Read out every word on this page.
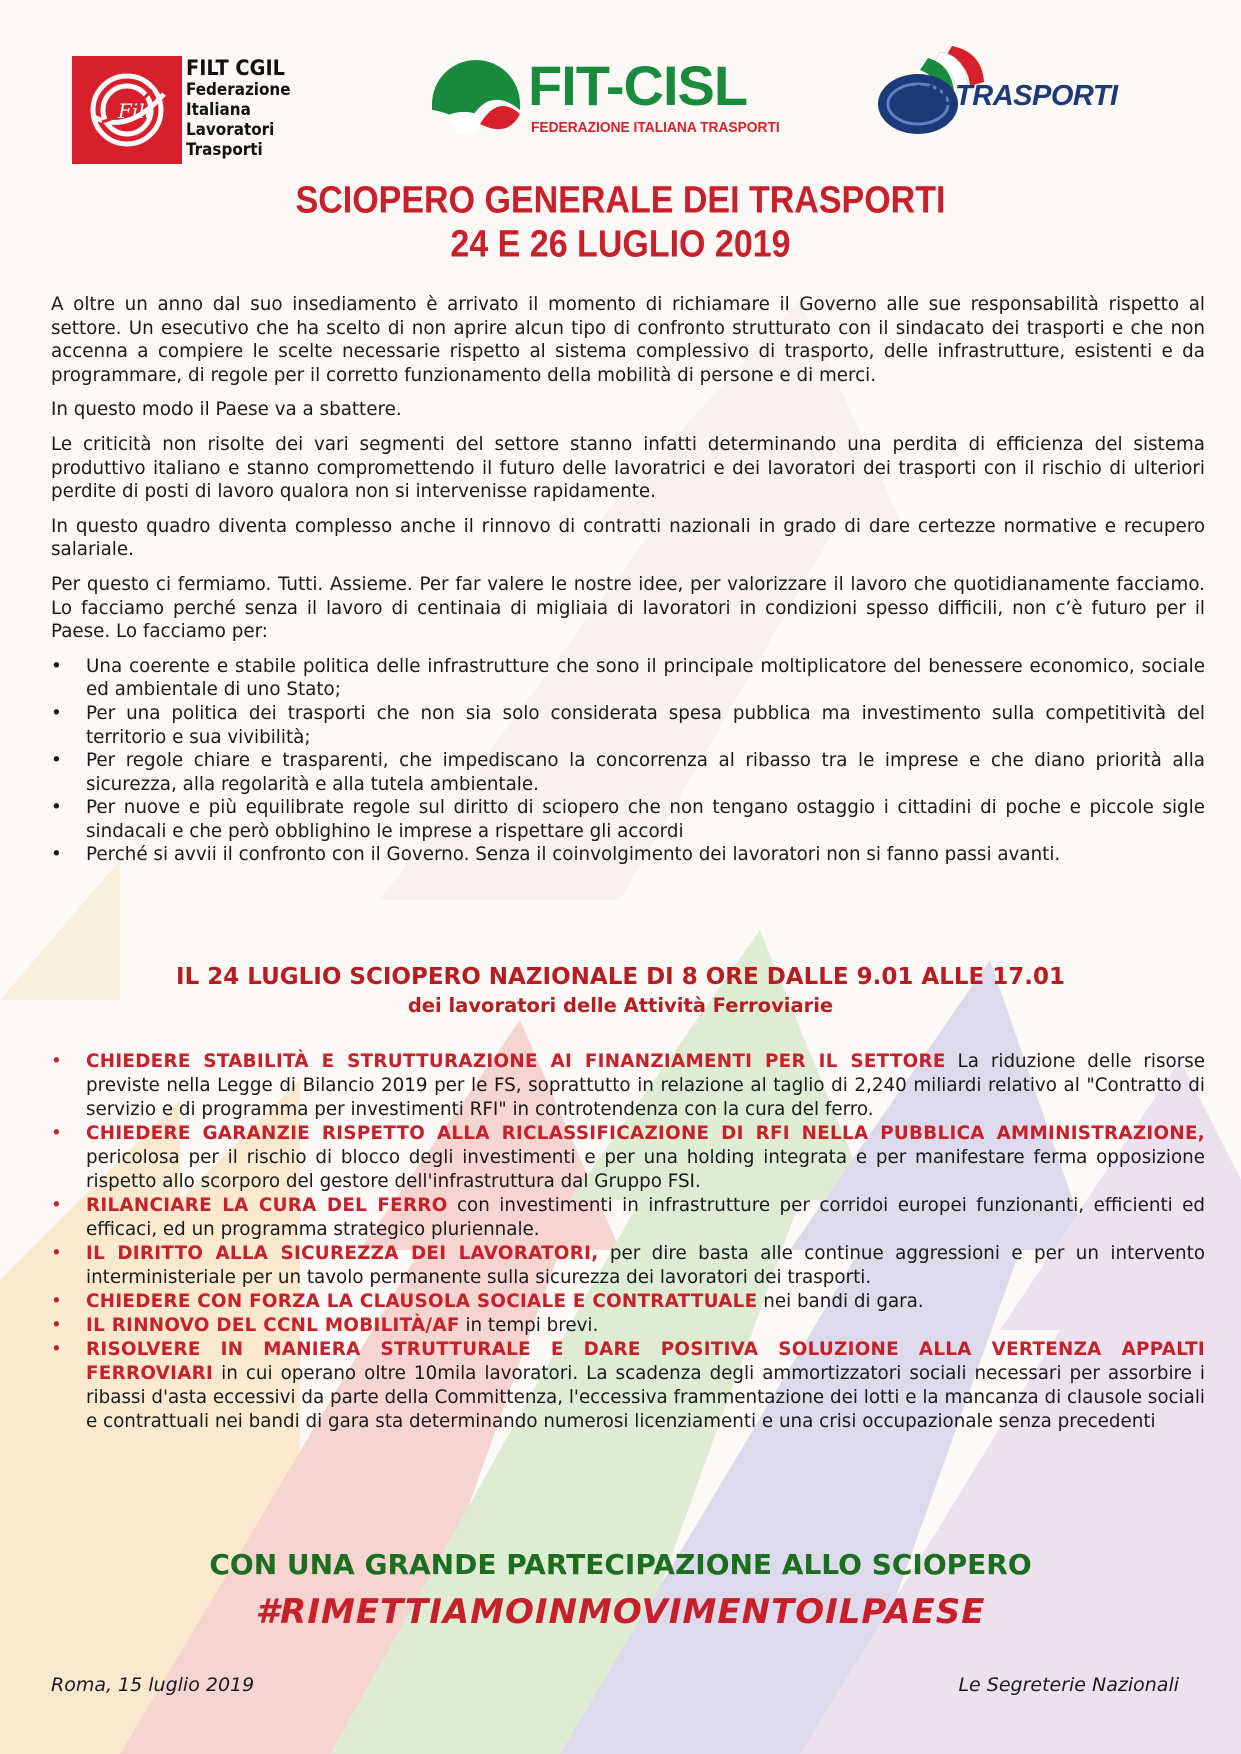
Filt
FILT CGIL
Federazione
Italiana
Lavoratori
Trasporti
FIT-CISL
FEDERAZIONE ITALIANA TRASPORTI
UILTRASPORTI
SCIOPERO GENERALE DEI TRASPORTI
24 E 26 LUGLIO 2019

A oltre un anno dal suo insediamento è arrivato il momento di richiamare il Governo alle sue responsabilità rispetto al settore. Un esecutivo che ha scelto di non aprire alcun tipo di confronto strutturato con il sindacato dei trasporti e che non accenna a compiere le scelte necessarie rispetto al sistema complessivo di trasporto, delle infrastrutture, esistenti e da programmare, di regole per il corretto funzionamento della mobilità di persone e di merci.

In questo modo il Paese va a sbattere.

Le criticità non risolte dei vari segmenti del settore stanno infatti determinando una perdita di efficienza del sistema produttivo italiano e stanno compromettendo il futuro delle lavoratrici e dei lavoratori dei trasporti con il rischio di ulteriori perdite di posti di lavoro qualora non si intervenisse rapidamente.

In questo quadro diventa complesso anche il rinnovo di contratti nazionali in grado di dare certezze normative e recupero salariale.

Per questo ci fermiamo. Tutti. Assieme. Per far valere le nostre idee, per valorizzare il lavoro che quotidianamente facciamo. Lo facciamo perché senza il lavoro di centinaia di migliaia di lavoratori in condizioni spesso difficili, non c’è futuro per il Paese. Lo facciamo per:

• Una coerente e stabile politica delle infrastrutture che sono il principale moltiplicatore del benessere economico, sociale ed ambientale di uno Stato;
• Per una politica dei trasporti che non sia solo considerata spesa pubblica ma investimento sulla competitività del territorio e sua vivibilità;
• Per regole chiare e trasparenti, che impediscano la concorrenza al ribasso tra le imprese e che diano priorità alla sicurezza, alla regolarità e alla tutela ambientale.
• Per nuove e più equilibrate regole sul diritto di sciopero che non tengano ostaggio i cittadini di poche e piccole sigle sindacali e che però obblighino le imprese a rispettare gli accordi
• Perché si avvii il confronto con il Governo. Senza il coinvolgimento dei lavoratori non si fanno passi avanti.
IL 24 LUGLIO SCIOPERO NAZIONALE DI 8 ORE DALLE 9.01 ALLE 17.01
dei lavoratori delle Attività Ferroviarie
• CHIEDERE STABILITÀ E STRUTTURAZIONE AI FINANZIAMENTI PER IL SETTORE La riduzione delle risorse previste nella Legge di Bilancio 2019 per le FS, soprattutto in relazione al taglio di 2,240 miliardi relativo al "Contratto di servizio e di programma per investimenti RFI" in controtendenza con la cura del ferro.
• CHIEDERE GARANZIE RISPETTO ALLA RICLASSIFICAZIONE DI RFI NELLA PUBBLICA AMMINISTRAZIONE, pericolosa per il rischio di blocco degli investimenti e per una holding integrata e per manifestare ferma opposizione rispetto allo scorporo del gestore dell'infrastruttura dal Gruppo FSI.
• RILANCIARE LA CURA DEL FERRO con investimenti in infrastrutture per corridoi europei funzionanti, efficienti ed efficaci, ed un programma strategico pluriennale.
• IL DIRITTO ALLA SICUREZZA DEI LAVORATORI, per dire basta alle continue aggressioni e per un intervento interministeriale per un tavolo permanente sulla sicurezza dei lavoratori dei trasporti.
• CHIEDERE CON FORZA LA CLAUSOLA SOCIALE E CONTRATTUALE nei bandi di gara.
• IL RINNOVO DEL CCNL MOBILITÀ/AF in tempi brevi.
• RISOLVERE IN MANIERA STRUTTURALE E DARE POSITIVA SOLUZIONE ALLA VERTENZA APPALTI FERROVIARI in cui operano oltre 10mila lavoratori. La scadenza degli ammortizzatori sociali necessari per assorbire i ribassi d'asta eccessivi da parte della Committenza, l'eccessiva frammentazione dei lotti e la mancanza di clausole sociali e contrattuali nei bandi di gara sta determinando numerosi licenziamenti e una crisi occupazionale senza precedenti
CON UNA GRANDE PARTECIPAZIONE ALLO SCIOPERO
#RIMETTIAMOINMOVIMENTOILPAESE
Roma, 15 luglio 2019	Le Segreterie Nazionali
